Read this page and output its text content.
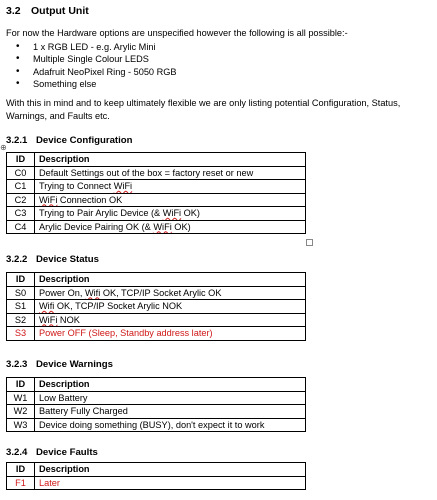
3.2 Output Unit
For now the Hardware options are unspecified however the following is all possible:-
• 1 x RGB LED - e.g. Arylic Mini
• Multiple Single Colour LEDS
• Adafruit NeoPixel Ring - 5050 RGB
• Something else
With this in mind and to keep ultimately flexible we are only listing potential Configuration, Status, Warnings, and Faults etc.
3.2.1 Device Configuration
⊕
ID	Description
C0	Default Settings out of the box = factory reset or new
C1	Trying to Connect WiFi
C2	WiFi Connection OK
C3	Trying to Pair Arylic Device (& WiFi OK)
C4	Arylic Device Pairing OK (& WiFi OK)
3.2.2 Device Status
ID	Description
S0	Power On, Wifi OK, TCP/IP Socket Arylic OK
S1	Wifi OK, TCP/IP Socket Arylic NOK
S2	WiFi NOK
S3	Power OFF (Sleep, Standby address later)
3.2.3 Device Warnings
ID	Description
W1	Low Battery
W2	Battery Fully Charged
W3	Device doing something (BUSY), don't expect it to work
3.2.4 Device Faults
ID	Description
F1	Later
